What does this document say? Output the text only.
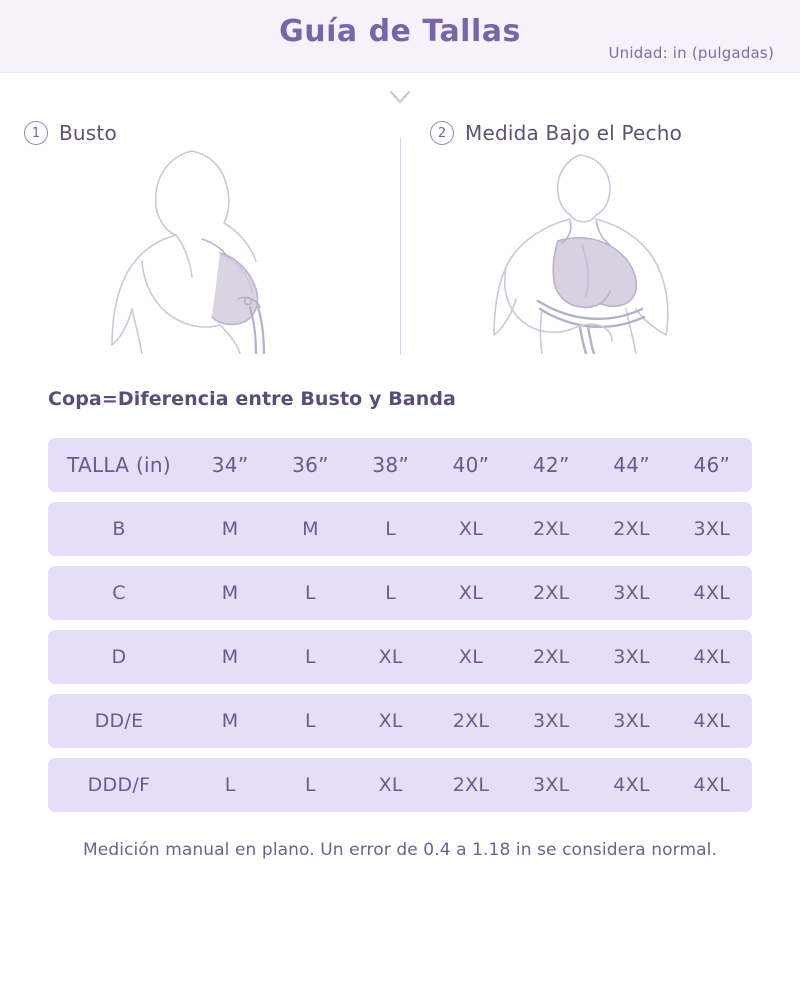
Guía de Tallas
Unidad: in (pulgadas)
1 Busto	2 Medida Bajo el Pecho
Copa=Diferencia entre Busto y Banda
TALLA (in)	34”	36”	38”	40”	42”	44”	46”
B	M	M	L	XL	2XL	2XL	3XL
C	M	L	L	XL	2XL	3XL	4XL
D	M	L	XL	XL	2XL	3XL	4XL
DD/E	M	L	XL	2XL	3XL	3XL	4XL
DDD/F	L	L	XL	2XL	3XL	4XL	4XL
Medición manual en plano. Un error de 0.4 a 1.18 in se considera normal.
